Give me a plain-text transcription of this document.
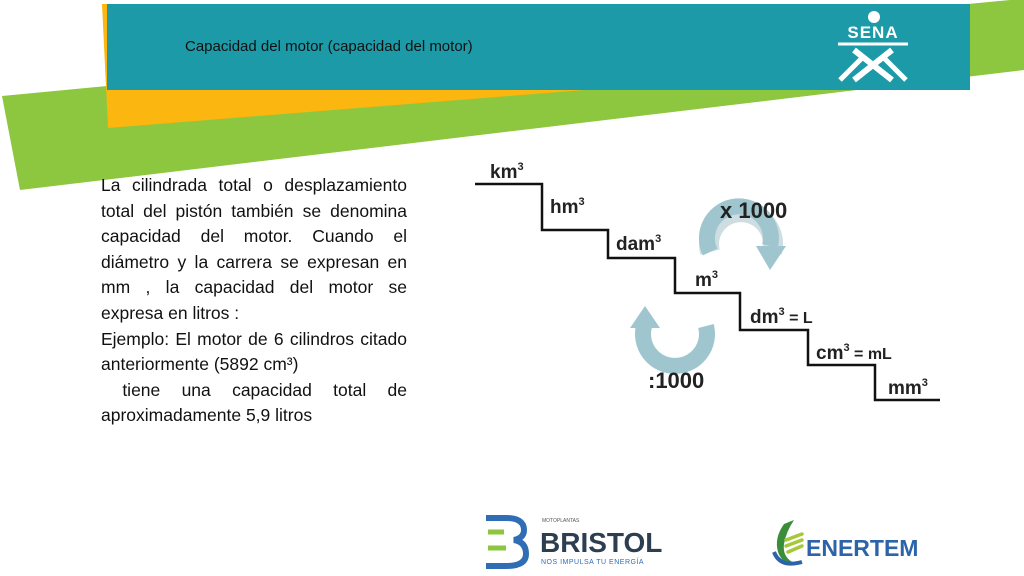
Capacidad del motor (capacidad del motor)
SENA

La cilindrada total o desplazamiento total del pistón también se denomina capacidad del motor. Cuando el diámetro y la carrera se expresan en mm , la capacidad del motor se expresa en litros :

Ejemplo: El motor de 6 cilindros citado anteriormente (5892 cm³)

tiene una capacidad total de aproximadamente 5,9 litros

$km^3$
$hm^3$
dam$^3$
$m^3$
$dm^3$ $_{= L}$
$cm^3$ $_{= mL}$
$mm^3$
x 1000
:1000
MOTOPLANTAS
BRISTOL
NOS IMPULSA TU ENERGÍA
ENERTEM
